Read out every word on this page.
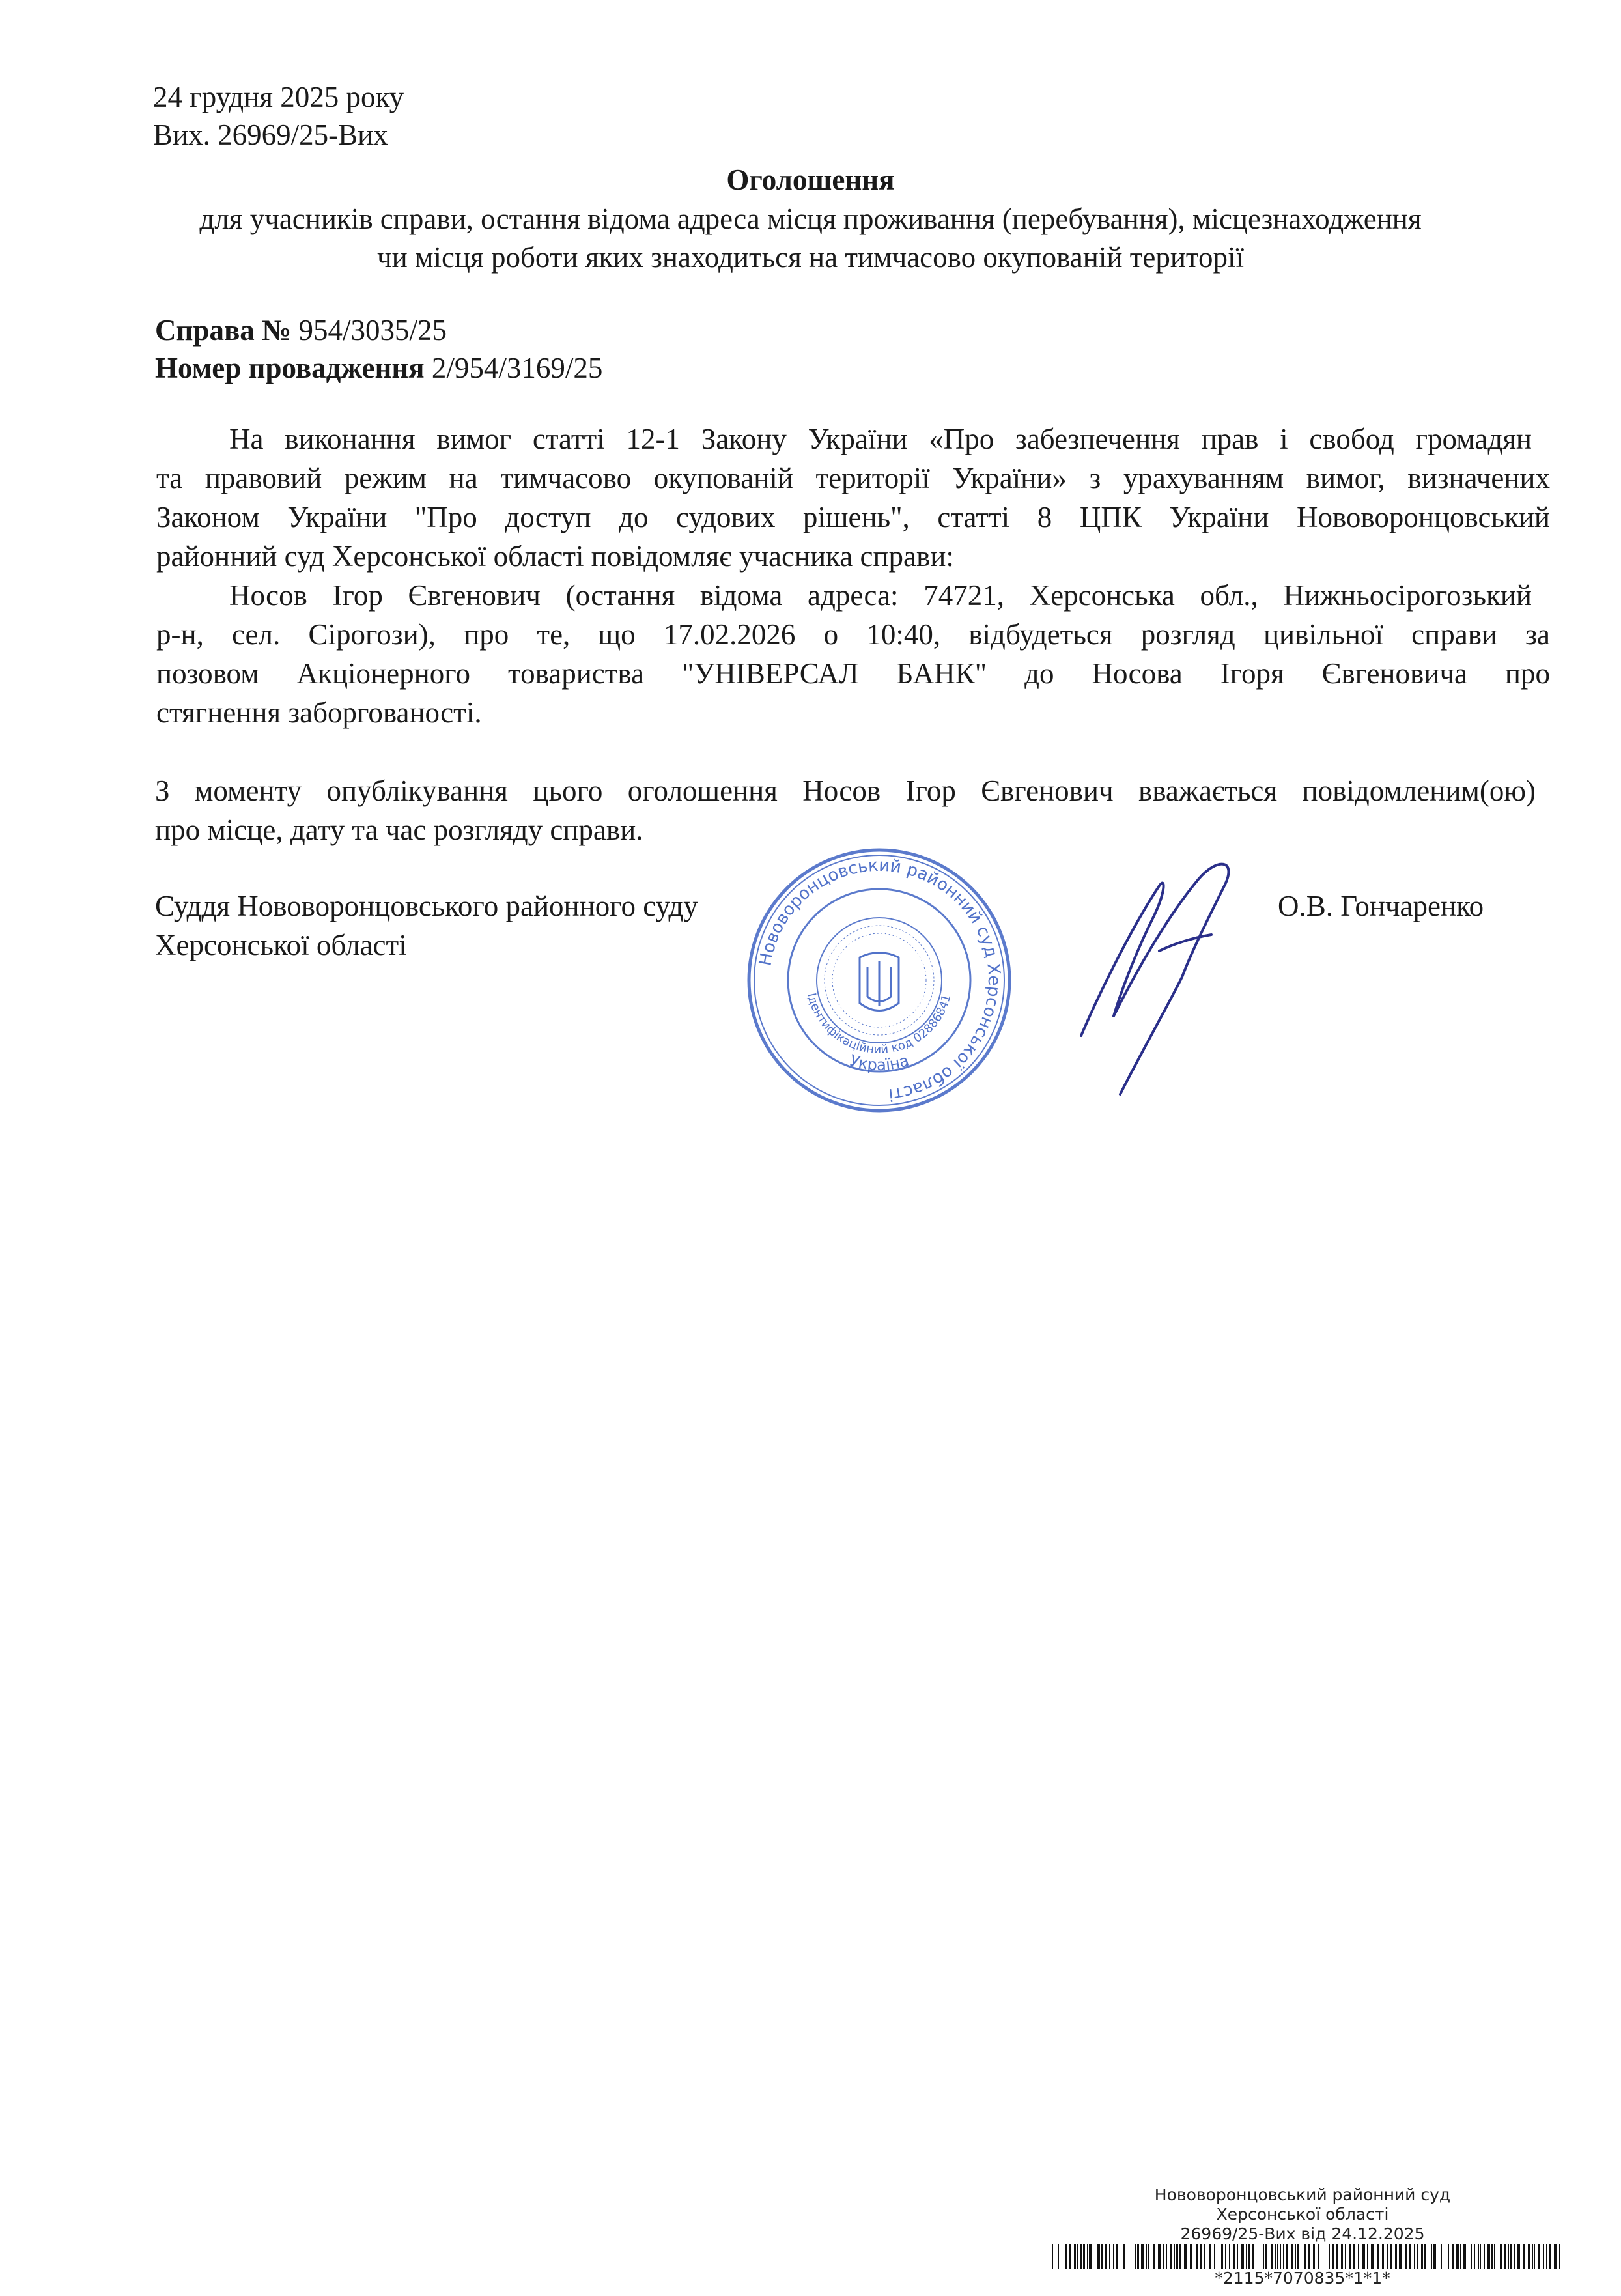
24 грудня 2025 року
Вих. 26969/25-Вих
Оголошення
для учасників справи, остання відома адреса місця проживання (перебування), місцезнаходження
чи місця роботи яких знаходиться на тимчасово окупованій території
Справа № 954/3035/25
Номер провадження 2/954/3169/25
На виконання вимог статті 12-1 Закону України «Про забезпечення прав і свобод громадян
та правовий режим на тимчасово окупованій території України» з урахуванням вимог, визначених
Законом України "Про доступ до судових рішень", статті 8 ЦПК України Нововоронцовський
районний суд Херсонської області повідомляє учасника справи:
Носов Ігор Євгенович (остання відома адреса: 74721, Херсонська обл., Нижньосірогозький
р-н, сел. Сірогози), про те, що 17.02.2026 о 10:40, відбудеться розгляд цивільної справи за
позовом Акціонерного товариства "УНІВЕРСАЛ БАНК" до Носова Ігоря Євгеновича про
стягнення заборгованості.
З моменту опублікування цього оголошення Носов Ігор Євгенович вважається повідомленим(ою)
про місце, дату та час розгляду справи.
Суддя Нововоронцовського районного суду
Херсонської області
О.В. Гончаренко
Нововоронцовський районний суд Херсонської області
Ідентифікаційний код 02886841
Україна
Нововоронцовський районний суд
Херсонської області
26969/25-Вих від 24.12.2025
*2115*7070835*1*1*
